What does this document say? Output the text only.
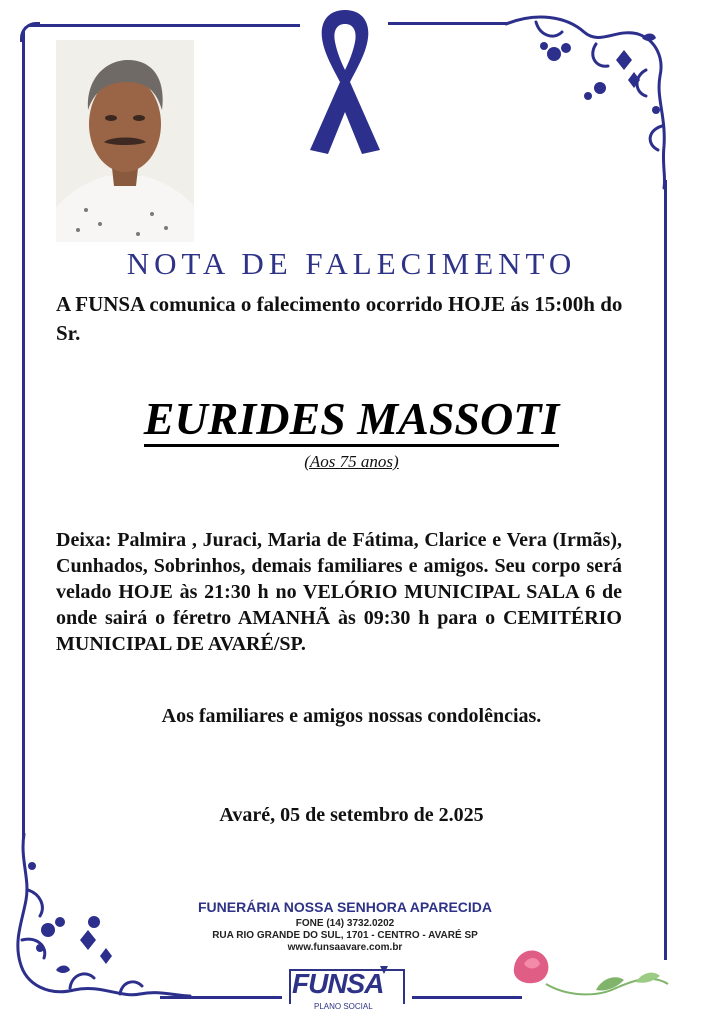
NOTA DE FALECIMENTO
A FUNSA comunica o falecimento ocorrido HOJE ás 15:00h do Sr.
EURIDES MASSOTI
(Aos 75 anos)
Deixa: Palmira , Juraci, Maria de Fátima, Clarice e Vera (Irmãs), Cunhados, Sobrinhos, demais familiares e amigos. Seu corpo será velado HOJE às 21:30 h no VELÓRIO MUNICIPAL SALA 6 de onde sairá o féretro AMANHÃ às 09:30 h para o CEMITÉRIO MUNICIPAL DE AVARÉ/SP.
Aos familiares e amigos nossas condolências.
Avaré, 05 de setembro de 2.025
FUNERÁRIA NOSSA SENHORA APARECIDA
FONE (14) 3732.0202
RUA RIO GRANDE DO SUL, 1701 - CENTRO - AVARÉ SP
www.funsaavare.com.br
FUNSA
PLANO SOCIAL
